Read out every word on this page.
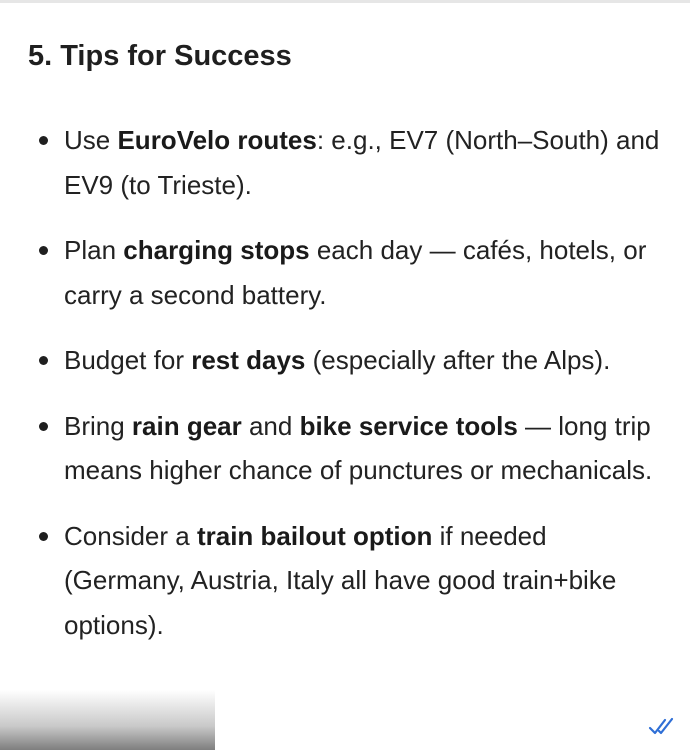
5. Tips for Success
Use EuroVelo routes: e.g., EV7 (North–South) and EV9 (to Trieste).
Plan charging stops each day — cafés, hotels, or carry a second battery.
Budget for rest days (especially after the Alps).
Bring rain gear and bike service tools — long trip means higher chance of punctures or mechanicals.
Consider a train bailout option if needed (Germany, Austria, Italy all have good train+bike options).
